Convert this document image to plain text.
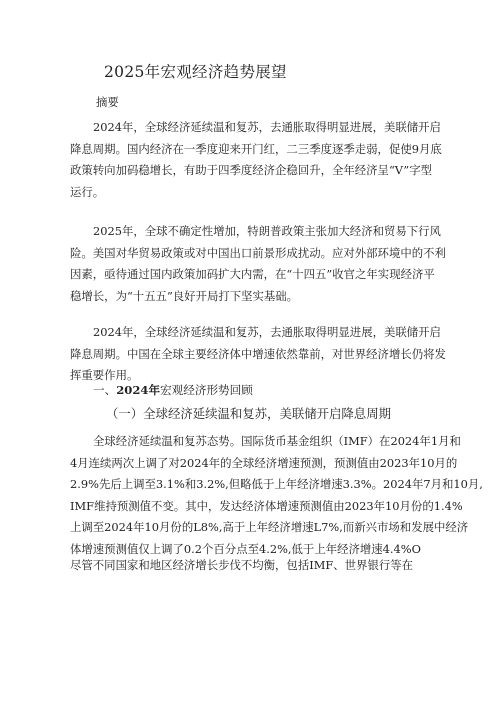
2025年宏观经济趋势展望

摘要

2024年，全球经济延续温和复苏，去通胀取得明显进展，美联储开启
降息周期。国内经济在一季度迎来开门红，二三季度逐季走弱，促使9月底
政策转向加码稳增长，有助于四季度经济企稳回升，全年经济呈“V”字型
运行。

2025年，全球不确定性增加，特朗普政策主张加大经济和贸易下行风
险。美国对华贸易政策或对中国出口前景形成扰动。应对外部环境中的不利
因素，亟待通过国内政策加码扩大内需，在“十四五”收官之年实现经济平
稳增长，为“十五五”良好开局打下坚实基础。

2024年，全球经济延续温和复苏，去通胀取得明显进展，美联储开启
降息周期。中国在全球主要经济体中增速依然靠前，对世界经济增长仍将发
挥重要作用。

一、2024年宏观经济形势回顾

（一）全球经济延续温和复苏，美联储开启降息周期

全球经济延续温和复苏态势。国际货币基金组织（IMF）在2024年1月和
4月连续两次上调了对2024年的全球经济增速预测，预测值由2023年10月的
2.9%先后上调至3.1%和3.2%,但略低于上年经济增速3.3%。2024年7月和10月,
IMF维持预测值不变。其中，发达经济体增速预测值由2023年10月份的1.4%
上调至2024年10月份的L8%,高于上年经济增速L7%,而新兴市场和发展中经济
体增速预测值仅上调了0.2个百分点至4.2%,低于上年经济增速4.4%O
尽管不同国家和地区经济增长步伐不均衡，包括IMF、世界银行等在
